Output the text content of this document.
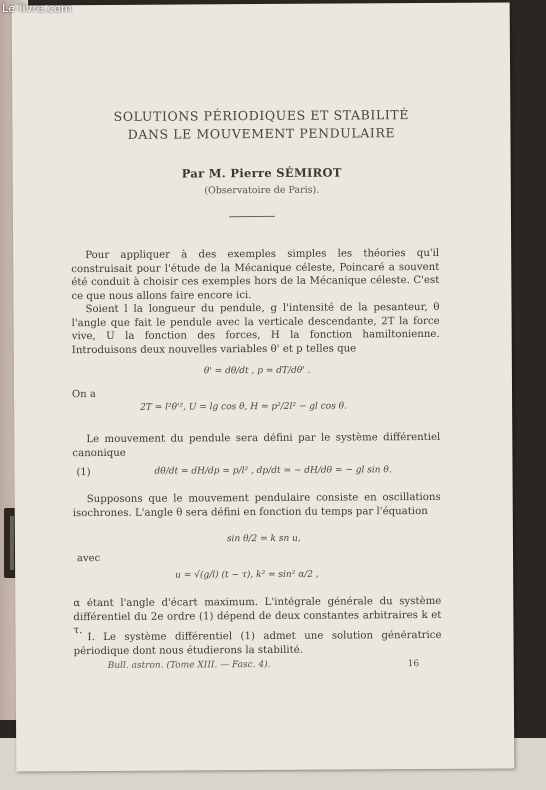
SOLUTIONS PÉRIODIQUES ET STABILITÉ
DANS LE MOUVEMENT PENDULAIRE
Par M. Pierre SÉMIROT
(Observatoire de Paris).
Pour appliquer à des exemples simples les théories qu'il construisait pour l'étude de la Mécanique céleste, Poincaré a souvent été conduit à choisir ces exemples hors de la Mécanique céleste. C'est ce que nous allons faire encore ici.
Soient l la longueur du pendule, g l'intensité de la pesanteur, θ l'angle que fait le pendule avec la verticale descendante, 2T la force vive, U la fonction des forces, H la fonction hamiltonienne. Introduisons deux nouvelles variables θ' et p telles que
θ' = dθ/dt , p = dT/dθ' .
On a
2T = l²θ'², U = lg cos θ, H = p²/2l² − gl cos θ.
Le mouvement du pendule sera défini par le système différentiel canonique
(1)	dθ/dt = dH/dp = p/l² , dp/dt = − dH/dθ = − gl sin θ.
Supposons que le mouvement pendulaire consiste en oscillations isochrones. L'angle θ sera défini en fonction du temps par l'équation
sin θ/2 = k sn u,
avec
u = √(g/l) (t − τ), k² = sin² α/2 ,
α étant l'angle d'écart maximum. L'intégrale générale du système différentiel du 2e ordre (1) dépend de deux constantes arbitraires k et τ. I. Le système différentiel (1) admet une solution génératrice périodique dont nous étudierons la stabilité.
Bull. astron. (Tome XIII. — Fasc. 4).	16
Le-livre.com
